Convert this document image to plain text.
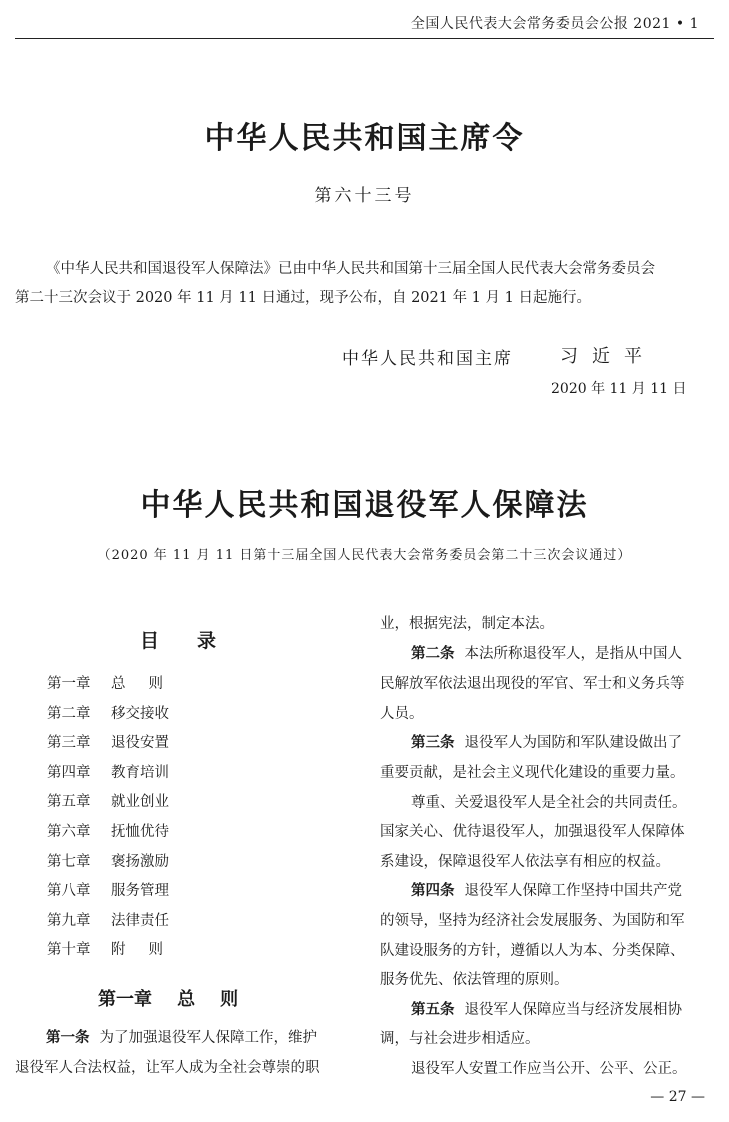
全国人民代表大会常务委员会公报 2021 • 1
中华人民共和国主席令
第六十三号
《中华人民共和国退役军人保障法》已由中华人民共和国第十三届全国人民代表大会常务委员会
第二十三次会议于 2020 年 11 月 11 日通过，现予公布，自 2021 年 1 月 1 日起施行。
中华人民共和国主席	习近平
2020 年 11 月 11 日
中华人民共和国退役军人保障法
（2020 年 11 月 11 日第十三届全国人民代表大会常务委员会第二十三次会议通过）
目录
第一章 总则
第二章 移交接收
第三章 退役安置
第四章 教育培训
第五章 就业创业
第六章 抚恤优待
第七章 褒扬激励
第八章 服务管理
第九章 法律责任
第十章 附则
第一章    总    则
第一条 为了加强退役军人保障工作，维护
退役军人合法权益，让军人成为全社会尊崇的职
业，根据宪法，制定本法。
第二条 本法所称退役军人，是指从中国人
民解放军依法退出现役的军官、军士和义务兵等
人员。
第三条 退役军人为国防和军队建设做出了
重要贡献，是社会主义现代化建设的重要力量。
尊重、关爱退役军人是全社会的共同责任。
国家关心、优待退役军人，加强退役军人保障体
系建设，保障退役军人依法享有相应的权益。
第四条 退役军人保障工作坚持中国共产党
的领导，坚持为经济社会发展服务、为国防和军
队建设服务的方针，遵循以人为本、分类保障、
服务优先、依法管理的原则。
第五条 退役军人保障应当与经济发展相协
调，与社会进步相适应。
退役军人安置工作应当公开、公平、公正。
— 27 —
